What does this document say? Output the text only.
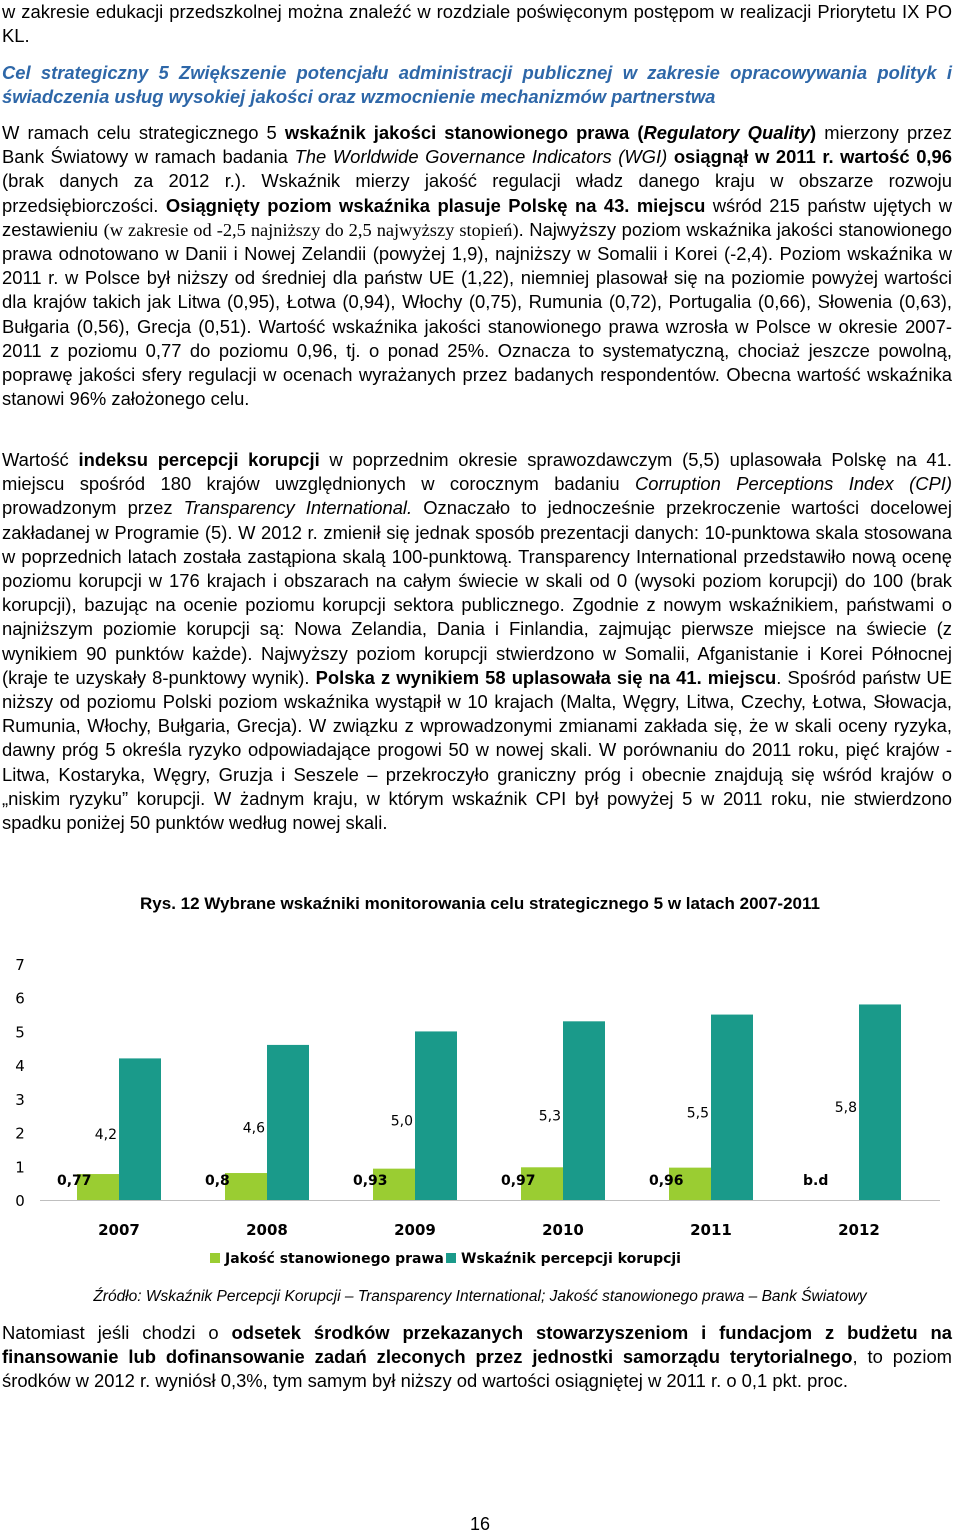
w zakresie edukacji przedszkolnej można znaleźć w rozdziale poświęconym postępom w realizacji Priorytetu IX PO KL.

Cel strategiczny 5 Zwiększenie potencjału administracji publicznej w zakresie opracowywania polityk i świadczenia usług wysokiej jakości oraz wzmocnienie mechanizmów partnerstwa

W ramach celu strategicznego 5 wskaźnik jakości stanowionego prawa (Regulatory Quality) mierzony przez Bank Światowy w ramach badania The Worldwide Governance Indicators (WGI) osiągnął w 2011 r. wartość 0,96 (brak danych za 2012 r.). Wskaźnik mierzy jakość regulacji władz danego kraju w obszarze rozwoju przedsiębiorczości. Osiągnięty poziom wskaźnika plasuje Polskę na 43. miejscu wśród 215 państw ujętych w zestawieniu (w zakresie od -2,5 najniższy do 2,5 najwyższy stopień). Najwyższy poziom wskaźnika jakości stanowionego prawa odnotowano w Danii i Nowej Zelandii (powyżej 1,9), najniższy w Somalii i Korei (-2,4). Poziom wskaźnika w 2011 r. w Polsce był niższy od średniej dla państw UE (1,22), niemniej plasował się na poziomie powyżej wartości dla krajów takich jak Litwa (0,95), Łotwa (0,94), Włochy (0,75), Rumunia (0,72), Portugalia (0,66), Słowenia (0,63), Bułgaria (0,56), Grecja (0,51). Wartość wskaźnika jakości stanowionego prawa wzrosła w Polsce w okresie 2007-2011 z poziomu 0,77 do poziomu 0,96, tj. o ponad 25%. Oznacza to systematyczną, chociaż jeszcze powolną, poprawę jakości sfery regulacji w ocenach wyrażanych przez badanych respondentów. Obecna wartość wskaźnika stanowi 96% założonego celu.

Wartość indeksu percepcji korupcji w poprzednim okresie sprawozdawczym (5,5) uplasowała Polskę na 41. miejscu spośród 180 krajów uwzględnionych w corocznym badaniu Corruption Perceptions Index (CPI) prowadzonym przez Transparency International. Oznaczało to jednocześnie przekroczenie wartości docelowej zakładanej w Programie (5). W 2012 r. zmienił się jednak sposób prezentacji danych: 10-punktowa skala stosowana w poprzednich latach została zastąpiona skalą 100-punktową. Transparency International przedstawiło nową ocenę poziomu korupcji w 176 krajach i obszarach na całym świecie w skali od 0 (wysoki poziom korupcji) do 100 (brak korupcji), bazując na ocenie poziomu korupcji sektora publicznego. Zgodnie z nowym wskaźnikiem, państwami o najniższym poziomie korupcji są: Nowa Zelandia, Dania i Finlandia, zajmując pierwsze miejsce na świecie (z wynikiem 90 punktów każde). Najwyższy poziom korupcji stwierdzono w Somalii, Afganistanie i Korei Północnej (kraje te uzyskały 8-punktowy wynik). Polska z wynikiem 58 uplasowała się na 41. miejscu. Spośród państw UE niższy od poziomu Polski poziom wskaźnika wystąpił w 10 krajach (Malta, Węgry, Litwa, Czechy, Łotwa, Słowacja, Rumunia, Włochy, Bułgaria, Grecja). W związku z wprowadzonymi zmianami zakłada się, że w skali oceny ryzyka, dawny próg 5 określa ryzyko odpowiadające progowi 50 w nowej skali. W porównaniu do 2011 roku, pięć krajów - Litwa, Kostaryka, Węgry, Gruzja i Seszele – przekroczyło graniczny próg i obecnie znajdują się wśród krajów o „niskim ryzyku” korupcji. W żadnym kraju, w którym wskaźnik CPI był powyżej 5 w 2011 roku, nie stwierdzono spadku poniżej 50 punktów według nowej skali.

Rys. 12 Wybrane wskaźniki monitorowania celu strategicznego 5 w latach 2007-2011

0
1
2
3
4
5
6
7
0,77
4,2
2007
0,8
4,6
2008
0,93
5,0
2009
0,97
5,3
2010
0,96
5,5
2011
b.d
5,8
2012
Jakość stanowionego prawa Wskaźnik percepcji korupcji

Źródło: Wskaźnik Percepcji Korupcji – Transparency International; Jakość stanowionego prawa – Bank Światowy

Natomiast jeśli chodzi o odsetek środków przekazanych stowarzyszeniom i fundacjom z budżetu na finansowanie lub dofinansowanie zadań zleconych przez jednostki samorządu terytorialnego, to poziom środków w 2012 r. wyniósł 0,3%, tym samym był niższy od wartości osiągniętej w 2011 r. o 0,1 pkt. proc.

16
